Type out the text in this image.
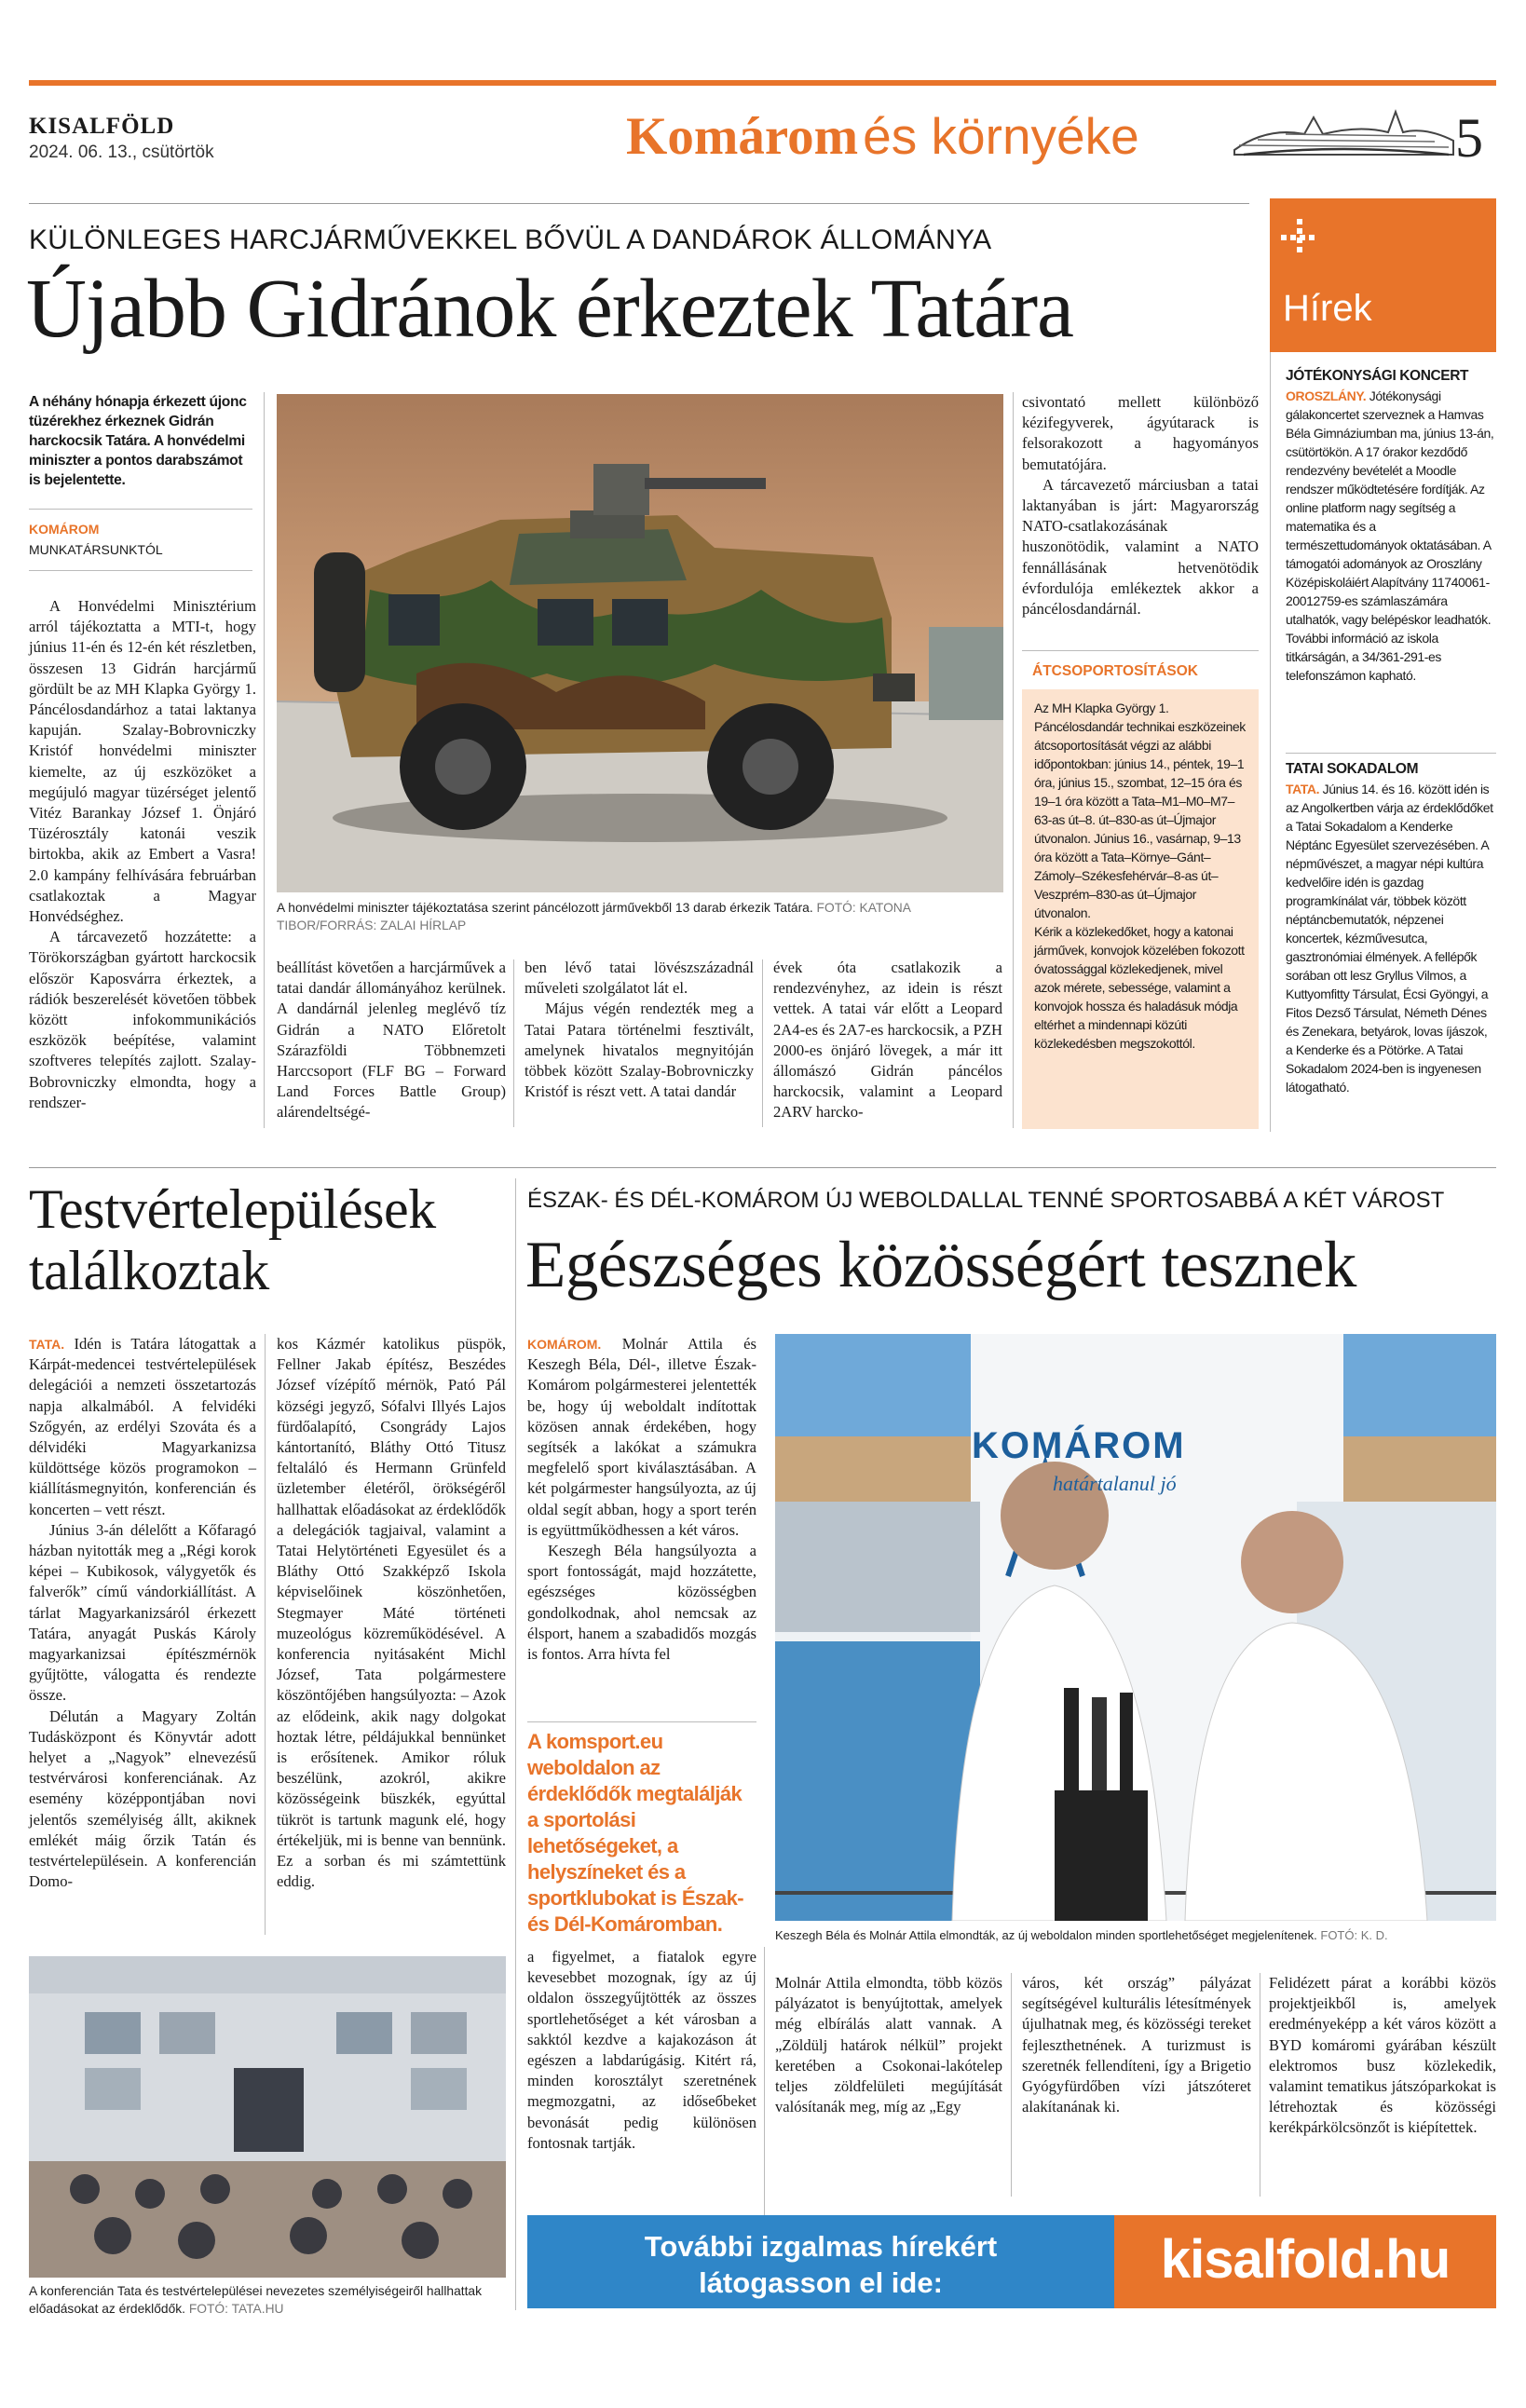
KISALFÖLD
2024. 06. 13., csütörtök	Komárom és környéke	5
Hírek
JÓTÉKONYSÁGI KONCERT
OROSZLÁNY. Jótékonysági gálakoncertet szerveznek a Hamvas Béla Gimnáziumban ma, június 13-án, csütörtökön. A 17 órakor kezdődő rendezvény bevételét a Moodle rendszer működtetésére fordítják. Az online platform nagy segítség a matematika és a természettudományok oktatásában. A támogatói adományok az Oroszlány Középiskoláiért Alapítvány 11740061-20012759-es számlaszámára utalhatók, vagy belépéskor leadhatók. További információ az iskola titkárságán, a 34/361-291-es telefonszámon kapható.
TATAI SOKADALOM
TATA. Június 14. és 16. között idén is az Angolkertben várja az érdeklődőket a Tatai Sokadalom a Kenderke Néptánc Egyesület szervezésében. A népművészet, a magyar népi kultúra kedvelőire idén is gazdag programkínálat vár, többek között néptáncbemutatók, népzenei koncertek, kézművesutca, gasztronómiai élmények. A fellépők sorában ott lesz Gryllus Vilmos, a Kuttyomfitty Társulat, Écsi Gyöngyi, a Fitos Dezső Társulat, Németh Dénes és Zenekara, betyárok, lovas íjászok, a Kenderke és a Pötörke. A Tatai Sokadalom 2024-ben is ingyenesen látogatható.
KÜLÖNLEGES HARCJÁRMŰVEKKEL BŐVÜL A DANDÁROK ÁLLOMÁNYA
Újabb Gidránok érkeztek Tatára
A néhány hónapja érkezett újonc tüzérekhez érkeznek Gidrán harckocsik Tatára. A honvédelmi miniszter a pontos darabszámot is bejelentette.
KOMÁROM
MUNKATÁRSUNKTÓL

A Honvédelmi Minisztérium arról tájékoztatta a MTI-t, hogy június 11-én és 12-én két részletben, összesen 13 Gidrán harcjármű gördült be az MH Klapka György 1. Páncélosdandárhoz a tatai laktanya kapuján. Szalay-Bobrovniczky Kristóf honvédelmi miniszter kiemelte, az új eszközöket a megújuló magyar tüzérséget jelentő Vitéz Barankay József 1. Önjáró Tüzérosztály katonái veszik birtokba, akik az Embert a Vasra! 2.0 kampány felhívására februárban csatlakoztak a Magyar Honvédséghez.

A tárcavezető hozzátette: a Törökországban gyártott harckocsik először Kaposvárra érkeztek, a rádiók beszerelését követően többek között infokommunikációs eszközök beépítése, valamint szoftveres telepítés zajlott. Szalay-Bobrovniczky elmondta, hogy a rendszer-

A honvédelmi miniszter tájékoztatása szerint páncélozott járművekből 13 darab érkezik Tatára. FOTÓ: KATONA TIBOR/FORRÁS: ZALAI HÍRLAP

beállítást követően a harcjárművek a tatai dandár állományához kerülnek. A dandárnál jelenleg meglévő tíz Gidrán a NATO Előretolt Szárazföldi Többnemzeti Harccsoport (FLF BG – Forward Land Forces Battle Group) alárendeltségé-

ben lévő tatai lövészszázadnál műveleti szolgálatot lát el.

Május végén rendezték meg a Tatai Patara történelmi fesztivált, amelynek hivatalos megnyitóján többek között Szalay-Bobrovniczky Kristóf is részt vett. A tatai dandár

évek óta csatlakozik a rendezvényhez, az idein is részt vettek. A tatai vár előtt a Leopard 2A4-es és 2A7-es harckocsik, a PZH 2000-es önjáró lövegek, a már itt állomászó Gidrán páncélos harckocsik, valamint a Leopard 2ARV harcko-

csivontató mellett különböző kézifegyverek, ágyútarack is felsorakozott a hagyományos bemutatójára.

A tárcavezető márciusban a tatai laktanyában is járt: Magyarország NATO-csatlakozásának huszonötödik, valamint a NATO fennállásának hetvenötödik évfordulója emlékeztek akkor a páncélosdandárnál.

ÁTCSOPORTOSÍTÁSOK
Az MH Klapka György 1. Páncélosdandár technikai eszközeinek átcsoportosítását végzi az alábbi időpontokban: június 14., péntek, 19–1 óra, június 15., szombat, 12–15 óra és 19–1 óra között a Tata–M1–M0–M7–63-as út–8. út–830-as út–Újmajor útvonalon. Június 16., vasárnap, 9–13 óra között a Tata–Környe–Gánt–Zámoly–Székesfehérvár–8-as út–Veszprém–830-as út–Újmajor útvonalon.
Kérik a közlekedőket, hogy a katonai járművek, konvojok közelében fokozott óvatossággal közlekedjenek, mivel azok mérete, sebessége, valamint a konvojok hossza és haladásuk módja eltérhet a mindennapi közúti közlekedésben megszokottól.
Testvértelepülések találkoztak

TATA. Idén is Tatára látogattak a Kárpát-medencei testvértelepülések delegációi a nemzeti összetartozás napja alkalmából. A felvidéki Szőgyén, az erdélyi Szováta és a délvidéki Magyarkanizsa küldöttsége közös programokon – kiállításmegnyitón, konferencián és koncerten – vett részt.

Június 3-án délelőtt a Kőfaragó házban nyitották meg a „Régi korok képei – Kubikosok, válygyetők és falverők” című vándorkiállítást. A tárlat Magyarkanizsáról érkezett Tatára, anyagát Puskás Károly magyarkanizsai építészmérnök gyűjtötte, válogatta és rendezte össze.

Délután a Magyary Zoltán Tudásközpont és Könyvtár adott helyet a „Nagyok” elnevezésű testvérvárosi konferenciának. Az esemény középpontjában novi jelentős személyiség állt, akiknek emlékét máig őrzik Tatán és testvértelepülésein. A konferencián Domo-

kos Kázmér katolikus püspök, Fellner Jakab építész, Beszédes József vízépítő mérnök, Pató Pál községi jegyző, Sófalvi Illyés Lajos fürdőalapító, Csongrády Lajos kántortanító, Bláthy Ottó Titusz feltaláló és Hermann Grünfeld üzletember életéről, örökségéről hallhattak előadásokat az érdeklődők a delegációk tagjaival, valamint a Tatai Helytörténeti Egyesület és a Bláthy Ottó Szakképző Iskola képviselőinek köszönhetően, Stegmayer Máté történeti muzeológus közreműködésével. A konferencia nyitásaként Michl József, Tata polgármestere köszöntőjében hangsúlyozta: – Azok az elődeink, akik nagy dolgokat hoztak létre, példájukkal bennünket is erősítenek. Amikor róluk beszélünk, azokról, akikre közösségeink büszkék, egyúttal tükröt is tartunk magunk elé, hogy értékeljük, mi is benne van bennünk. Ez a sorban és mi számtettünk eddig.

A konferencián Tata és testvértelepülései nevezetes személyiségeiről hallhattak előadásokat az érdeklődők. FOTÓ: TATA.HU
ÉSZAK- ÉS DÉL-KOMÁROM ÚJ WEBOLDALLAL TENNÉ SPORTOSABBÁ A KÉT VÁROST
Egészséges közösségért tesznek

KOMÁROM. Molnár Attila és Keszegh Béla, Dél-, illetve Észak-Komárom polgármesterei jelentették be, hogy új weboldalt indítottak közösen annak érdekében, hogy segítsék a lakókat a számukra megfelelő sport kiválasztásában. A két polgármester hangsúlyozta, az új oldal segít abban, hogy a sport terén is együttműködhessen a két város.

Keszegh Béla hangsúlyozta a sport fontosságát, majd hozzátette, egészséges közösségben gondolkodnak, ahol nemcsak az élsport, hanem a szabadidős mozgás is fontos. Arra hívta fel

A komsport.eu weboldalon az érdeklődők megtalálják a sportolási lehetőségeket, a helyszíneket és a sportklubokat is Észak- és Dél-Komáromban.

a figyelmet, a fiatalok egyre kevesebbet mozognak, így az új oldalon összegyűjtötték az összes sportlehetőséget a két városban a sakktól kezdve a kajakozáson át egészen a labdarúgásig. Kitért rá, minden korosztályt szeretnének megmozgatni, az időseбbeket bevonását pedig különösen fontosnak tartják.

KOMÁROM
határtalanul jó
Keszegh Béla és Molnár Attila elmondták, az új weboldalon minden sportlehetőséget megjelenítenek. FOTÓ: K. D.

Molnár Attila elmondta, több közös pályázatot is benyújtottak, amelyek még elbírálás alatt vannak. A „Zöldülj határok nélkül” projekt keretében a Csokonai-lakótelep teljes zöldfelületi megújítását valósítanák meg, míg az „Egy

város, két ország” pályázat segítségével kulturális létesítmények újulhatnak meg, és közösségi tereket fejleszthetnének. A turizmust is szeretnék fellendíteni, így a Brigetio Gyógyfürdőben vízi játszóteret alakítanának ki.

Felidézett párat a korábbi közös projektjeikből is, amelyek eredményeképp a két város között a BYD komáromi gyárában készült elektromos busz közlekedik, valamint tematikus játszóparkokat is létrehoztak és közösségi kerékpárkölcsönzőt is kiépítettek.

További izgalmas hírekért
látogasson el ide:	kisalfold.hu
